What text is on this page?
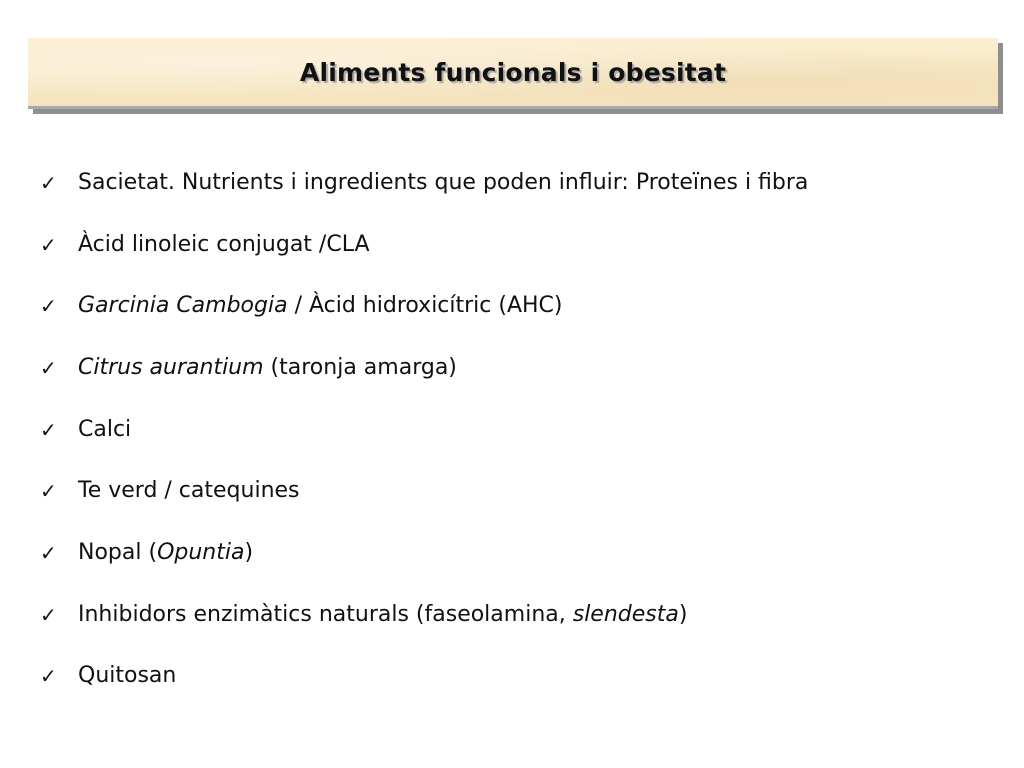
Aliments funcionals i obesitat
✓ Sacietat. Nutrients i ingredients que poden influir: Proteïnes i fibra
✓ Àcid linoleic conjugat /CLA
✓ Garcinia Cambogia / Àcid hidroxicítric (AHC)
✓ Citrus aurantium (taronja amarga)
✓ Calci
✓ Te verd / catequines
✓ Nopal (Opuntia)
✓ Inhibidors enzimàtics naturals (faseolamina, slendesta)
✓ Quitosan
